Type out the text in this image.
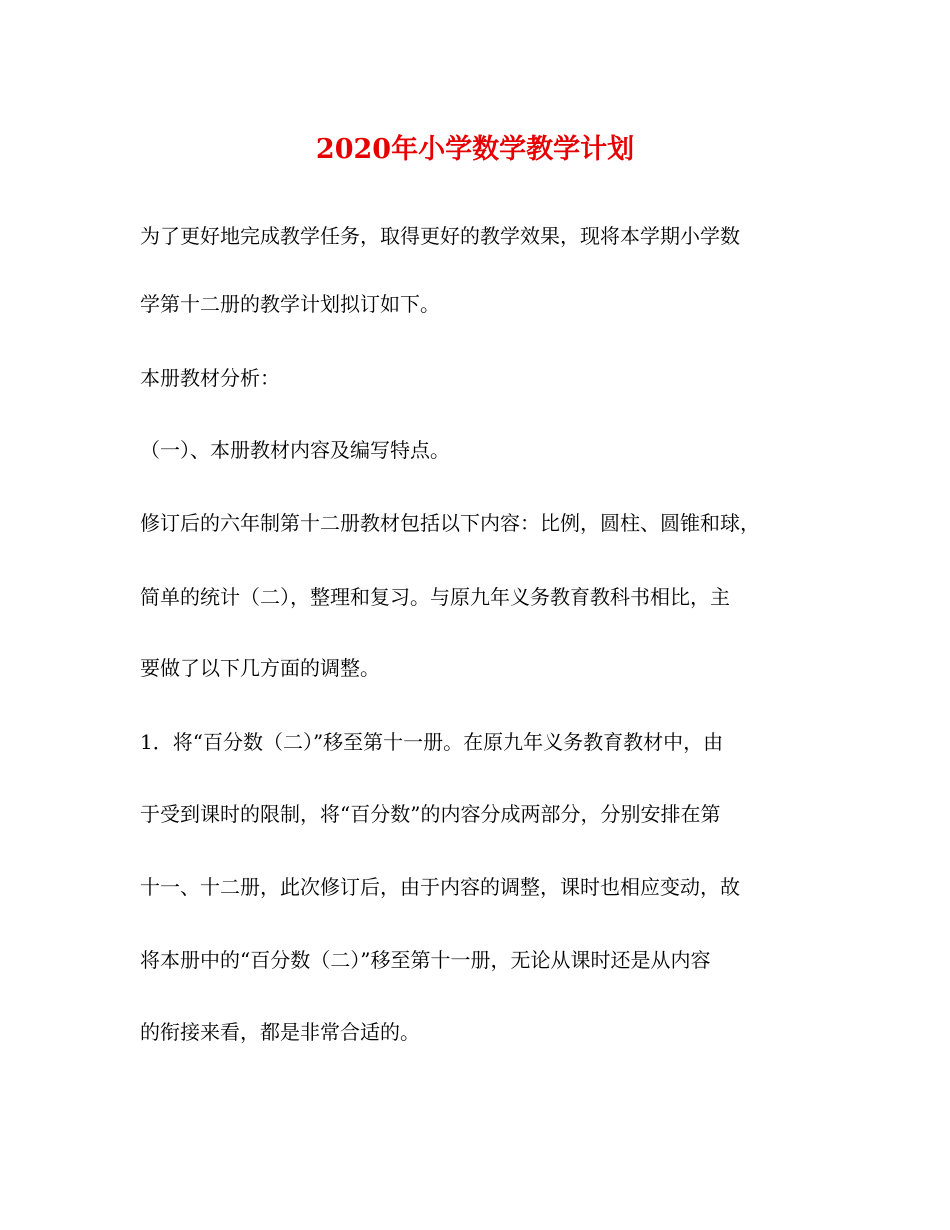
2020年小学数学教学计划
为了更好地完成教学任务，取得更好的教学效果，现将本学期小学数
学第十二册的教学计划拟订如下。
本册教材分析：
（一）、本册教材内容及编写特点。
修订后的六年制第十二册教材包括以下内容：比例，圆柱、圆锥和球，
简单的统计（二），整理和复习。与原九年义务教育教科书相比，主
要做了以下几方面的调整。
1．将“百分数（二）”移至第十一册。在原九年义务教育教材中，由
于受到课时的限制，将“百分数”的内容分成两部分，分别安排在第
十一、十二册，此次修订后，由于内容的调整，课时也相应变动，故
将本册中的“百分数（二）”移至第十一册，无论从课时还是从内容
的衔接来看，都是非常合适的。
